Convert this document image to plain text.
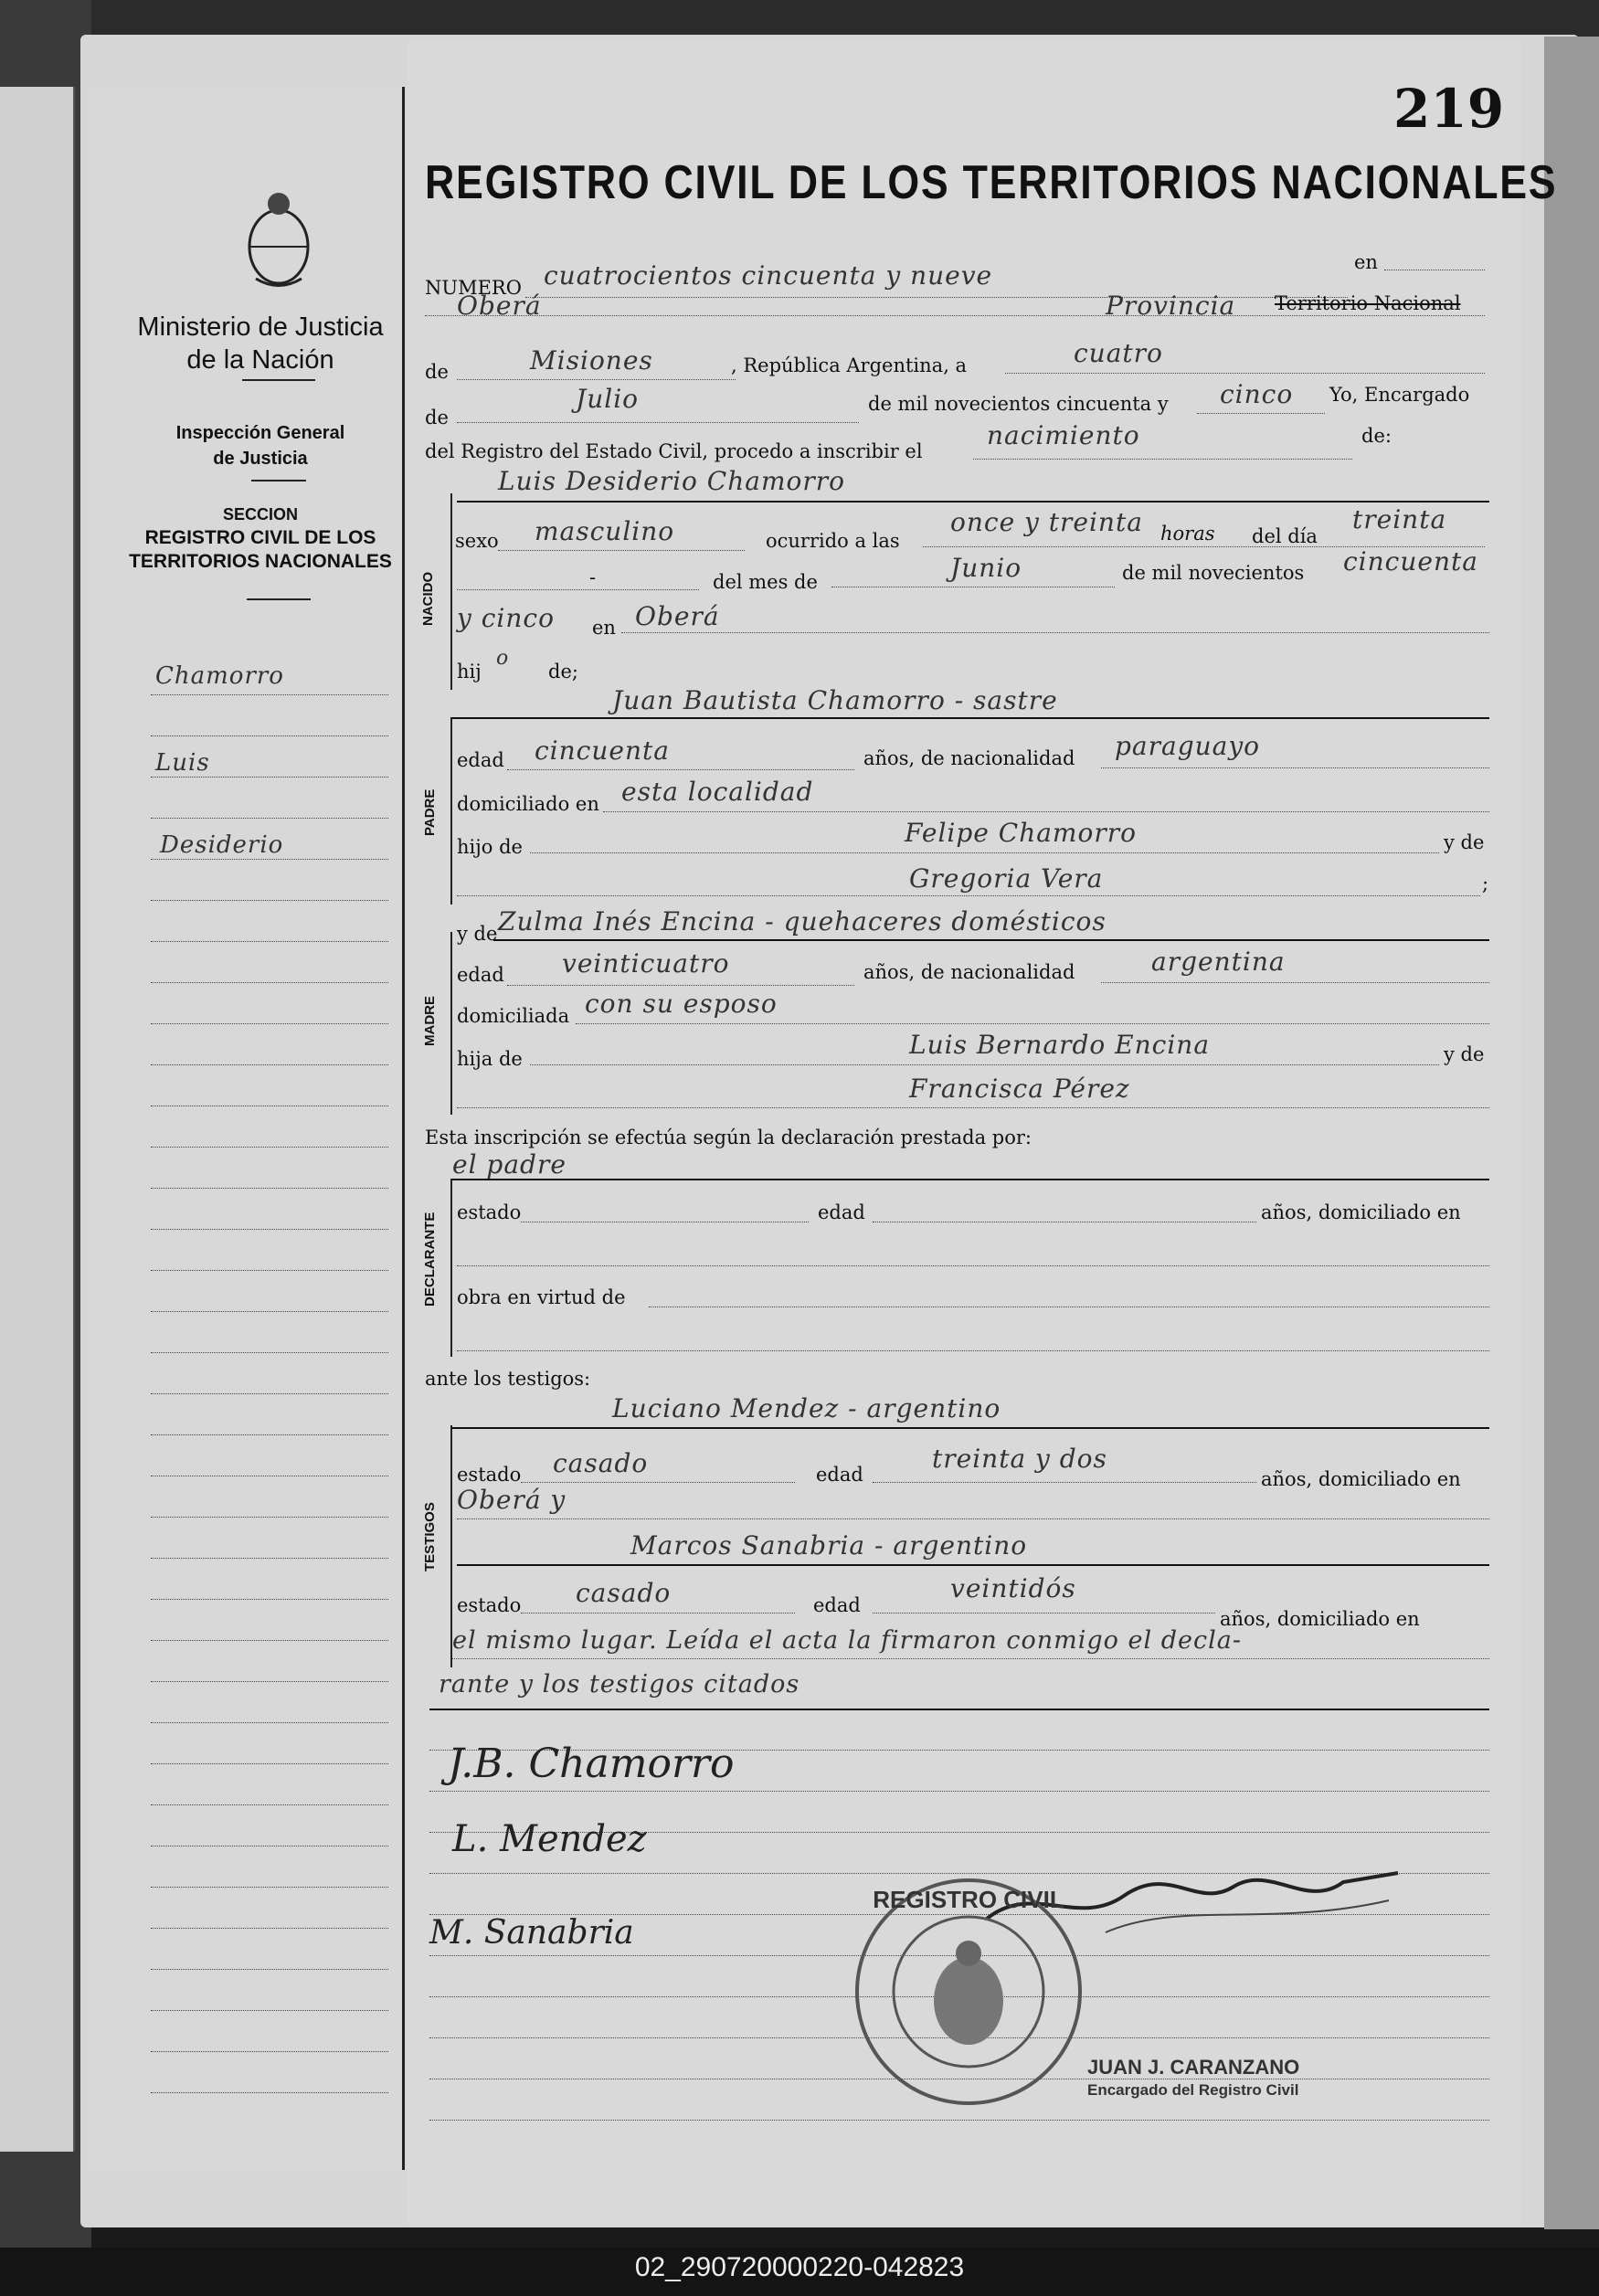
Ministerio de Justicia
de la Nación
Inspección General
de Justicia
SECCION
REGISTRO CIVIL DE LOS
TERRITORIOS NACIONALES
Chamorro
Luis
Desiderio
219
REGISTRO CIVIL DE LOS TERRITORIOS NACIONALES
NUMERO cuatrocientos cincuenta y nueve	en
Oberá	Provincia Territorio Nacional
de	Misiones	, República Argentina, a	cuatro
de
Julio	de mil novecientos cincuenta y cinco Yo, Encargado
del Registro del Estado Civil, procedo a inscribir el
nacimiento	de:
Luis Desiderio Chamorro
NACIDO
sexo masculino	ocurrido a las
once y treinta horas del día
treinta
-	del mes de	Junio	de mil novecientos cincuenta
y cinco en Oberá
hij
o
de;
Juan Bautista Chamorro - sastre
PADRE
edad cincuenta	años, de nacionalidad paraguayo
domiciliado en esta localidad
hijo de	Felipe Chamorro	y de
Gregoria Vera	;
y de Zulma Inés Encina - quehaceres domésticos
MADRE
edad veinticuatro	años, de nacionalidad	argentina
domiciliada con su esposo
hija de	Luis Bernardo Encina	y de
Francisca Pérez
Esta inscripción se efectúa según la declaración prestada por:
el padre
DECLARANTE estado	edad	años, domiciliado en
obra en virtud de
ante los testigos:
Luciano Mendez - argentino
TESTIGOS
estado casado	edad
treinta y dos
años, domiciliado en
Oberá y
Marcos Sanabria - argentino
estado casado	edad
veintidós
años, domiciliado en
el mismo lugar. Leída el acta la firmaron conmigo el decla-
rante y los testigos citados
J.B. Chamorro
L. Mendez
M. Sanabria
REGISTRO CIVIL
JUAN J. CARANZANO
Encargado del Registro Civil
02_290720000220-042823
